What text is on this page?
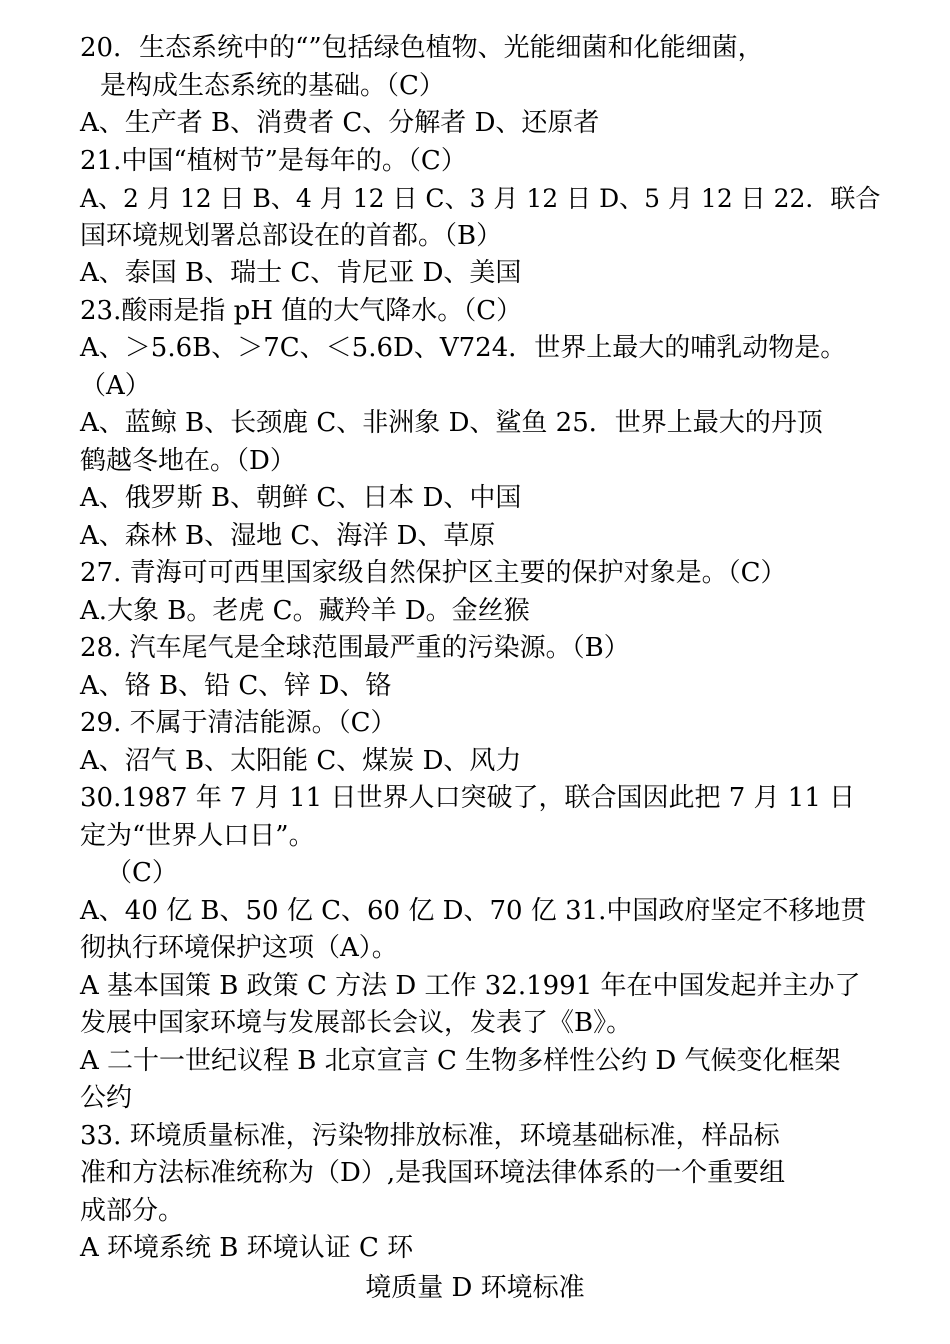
20．生态系统中的“”包括绿色植物、光能细菌和化能细菌，
是构成生态系统的基础。（C）
A、生产者 B、消费者 C、分解者 D、还原者
21.中国“植树节”是每年的。（C）
A、2 月 12 日 B、4 月 12 日 C、3 月 12 日 D、5 月 12 日 22．联合
国环境规划署总部设在的首都。（B）
A、泰国 B、瑞士 C、肯尼亚 D、美国
23.酸雨是指 pH 值的大气降水。（C）
A、＞5.6B、＞7C、＜5.6D、V724．世界上最大的哺乳动物是。
（A）
A、蓝鲸 B、长颈鹿 C、非洲象 D、鲨鱼 25．世界上最大的丹顶
鹤越冬地在。（D）
A、俄罗斯 B、朝鲜 C、日本 D、中国
A、森林 B、湿地 C、海洋 D、草原
27. 青海可可西里国家级自然保护区主要的保护对象是。（C）
A.大象 B。老虎 C。藏羚羊 D。金丝猴
28. 汽车尾气是全球范围最严重的污染源。（B）
A、铬 B、铅 C、锌 D、铬
29. 不属于清洁能源。（C）
A、沼气 B、太阳能 C、煤炭 D、风力
30.1987 年 7 月 11 日世界人口突破了，联合国因此把 7 月 11 日
定为“世界人口日”。
（C）
A、40 亿 B、50 亿 C、60 亿 D、70 亿 31.中国政府坚定不移地贯
彻执行环境保护这项（A）。
A 基本国策 B 政策 C 方法 D 工作 32.1991 年在中国发起并主办了
发展中国家环境与发展部长会议，发表了《B》。
A 二十一世纪议程 B 北京宣言 C 生物多样性公约 D 气候变化框架
公约
33. 环境质量标准，污染物排放标准，环境基础标准，样品标
准和方法标准统称为（D）,是我国环境法律体系的一个重要组
成部分。
A 环境系统 B 环境认证 C 环
境质量 D 环境标准
